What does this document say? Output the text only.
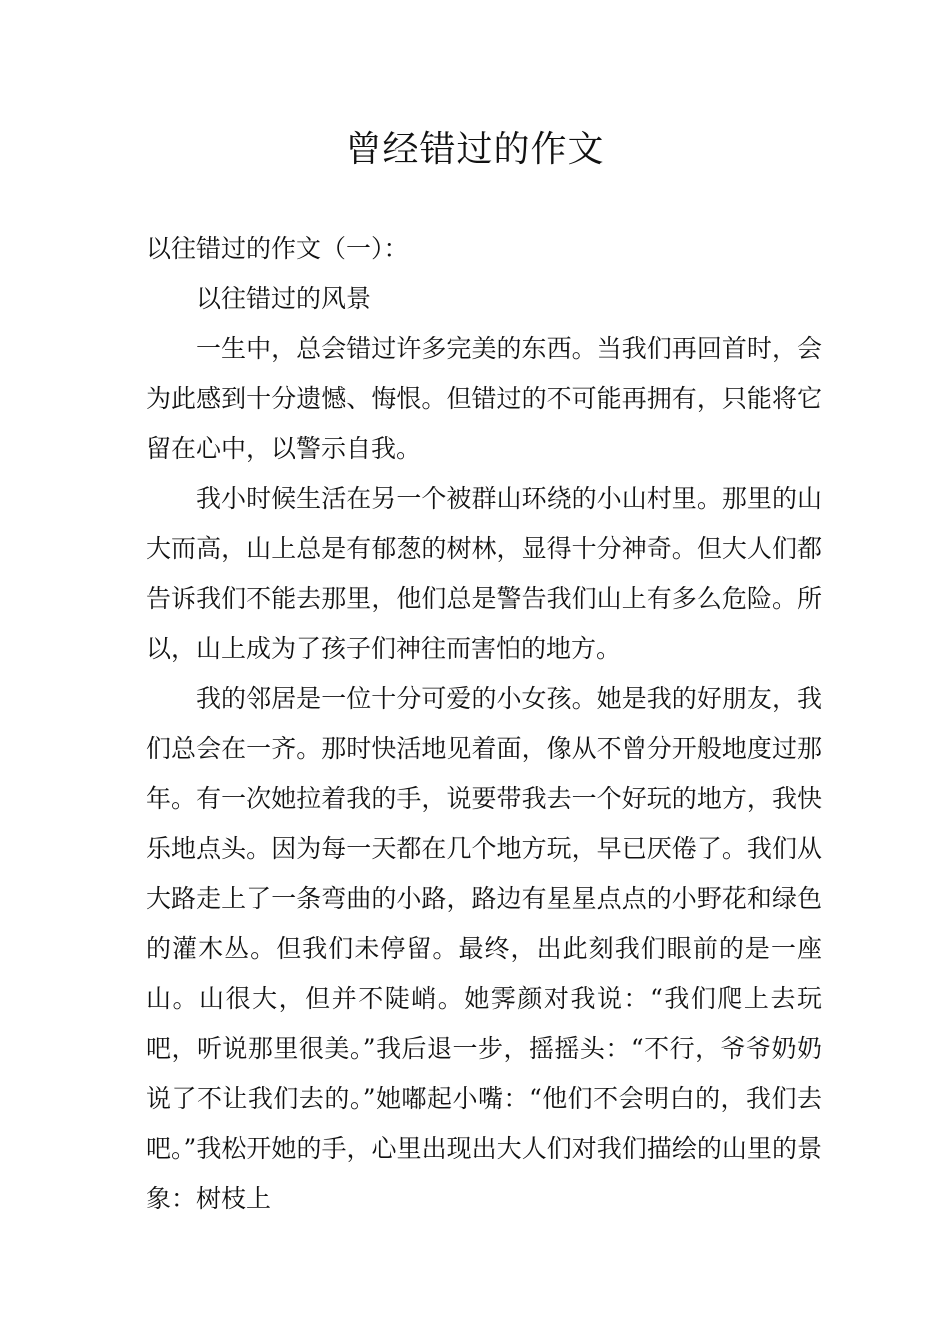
曾经错过的作文

以往错过的作文（一）：

以往错过的风景

一生中，总会错过许多完美的东西。当我们再回首时，会为此感到十分遗憾、悔恨。但错过的不可能再拥有，只能将它留在心中，以警示自我。

我小时候生活在另一个被群山环绕的小山村里。那里的山大而高，山上总是有郁葱的树林，显得十分神奇。但大人们都告诉我们不能去那里，他们总是警告我们山上有多么危险。所以，山上成为了孩子们神往而害怕的地方。

我的邻居是一位十分可爱的小女孩。她是我的好朋友，我们总会在一齐。那时快活地见着面，像从不曾分开般地度过那年。有一次她拉着我的手，说要带我去一个好玩的地方，我快乐地点头。因为每一天都在几个地方玩，早已厌倦了。我们从大路走上了一条弯曲的小路，路边有星星点点的小野花和绿色的灌木丛。但我们未停留。最终，出此刻我们眼前的是一座山。山很大，但并不陡峭。她霁颜对我说：“我们爬上去玩吧，听说那里很美。”我后退一步，摇摇头：“不行，爷爷奶奶说了不让我们去的。”她嘟起小嘴：“他们不会明白的，我们去吧。”我松开她的手，心里出现出大人们对我们描绘的山里的景象：树枝上
